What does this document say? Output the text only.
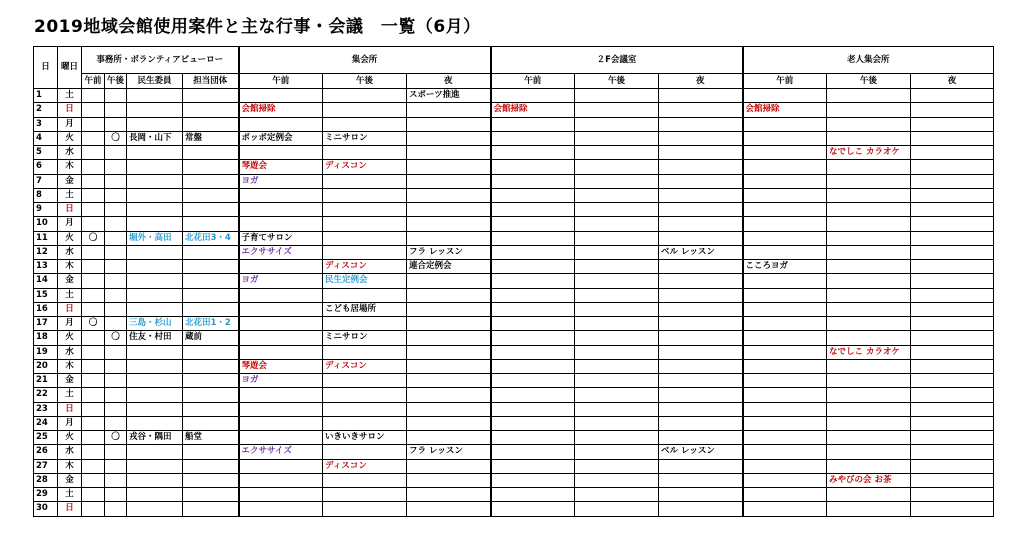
2019地域会館使用案件と主な行事・会議　一覧（6月）
日	曜日	事務所・ボランティアビューロー				集会所			２F会議室			老人集会所		
		午前	午後	民生委員	担当団体	午前	午後	夜	午前	午後	夜	午前	午後	夜
1	土							スポーツ推進						
2	日					会館掃除			会館掃除			会館掃除		
3	月													
4	火		〇	長岡・山下	常盤	ポッポ定例会	ミニサロン							
5	水												なでしこ カラオケ	
6	木					琴遊会	ディスコン							
7	金					ヨガ								
8	土													
9	日													
10	月													
11	火	〇		堀外・高田	北花田3・4	子育てサロン								
12	水					エクササイズ		フラ レッスン			ベル レッスン			
13	木						ディスコン	連合定例会				こころヨガ		
14	金					ヨガ	民生定例会							
15	土													
16	日						こども居場所							
17	月	〇		三島・杉山	北花田1・2									
18	火		〇	住友・村田	蔵前		ミニサロン							
19	水												なでしこ カラオケ	
20	木					琴遊会	ディスコン							
21	金					ヨガ								
22	土													
23	日													
24	月													
25	火		〇	戎谷・隅田	船堂		いきいきサロン							
26	水					エクササイズ		フラ レッスン			ベル レッスン			
27	木						ディスコン							
28	金												みやびの会 お茶	
29	土													
30	日													
